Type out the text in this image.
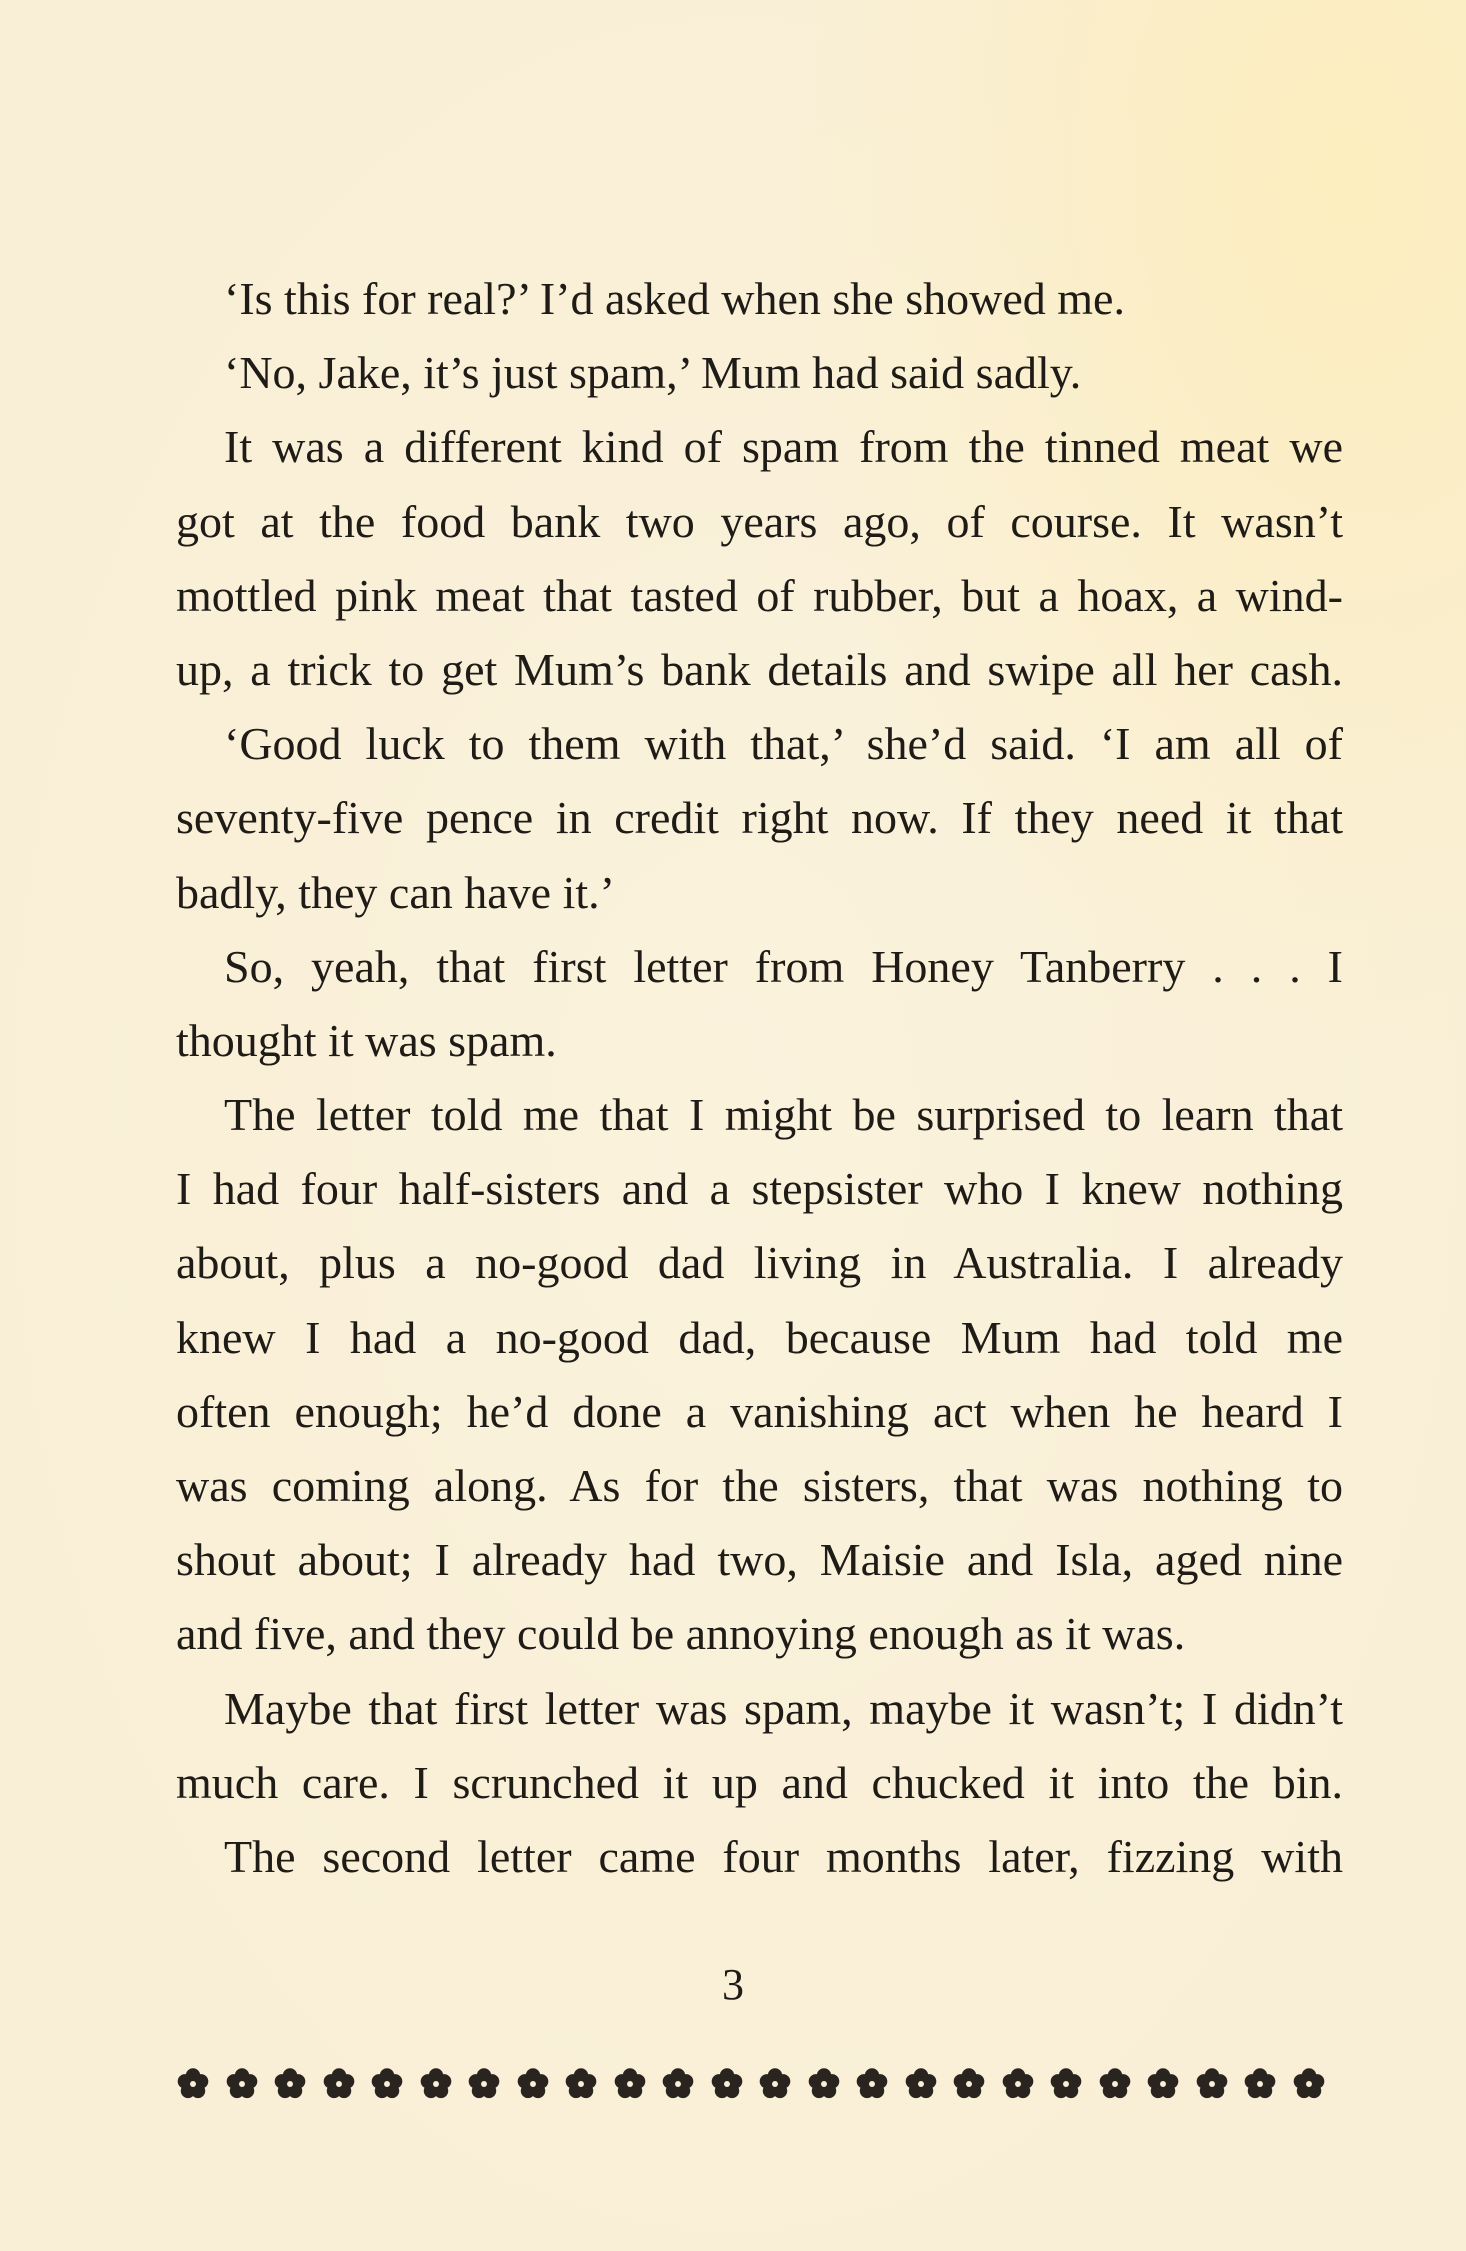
‘Is this for real?’ I’d asked when she showed me.
‘No, Jake, it’s just spam,’ Mum had said sadly.
It was a different kind of spam from the tinned meat we
got at the food bank two years ago, of course. It wasn’t
mottled pink meat that tasted of rubber, but a hoax, a wind-
up, a trick to get Mum’s bank details and swipe all her cash.
‘Good luck to them with that,’ she’d said. ‘I am all of
seventy-five pence in credit right now. If they need it that
badly, they can have it.’
So, yeah, that first letter from Honey Tanberry . . . I
thought it was spam.
The letter told me that I might be surprised to learn that
I had four half-sisters and a stepsister who I knew nothing
about, plus a no-good dad living in Australia. I already
knew I had a no-good dad, because Mum had told me
often enough; he’d done a vanishing act when he heard I
was coming along. As for the sisters, that was nothing to
shout about; I already had two, Maisie and Isla, aged nine
and five, and they could be annoying enough as it was.
Maybe that first letter was spam, maybe it wasn’t; I didn’t
much care. I scrunched it up and chucked it into the bin.
The second letter came four months later, fizzing with
3
